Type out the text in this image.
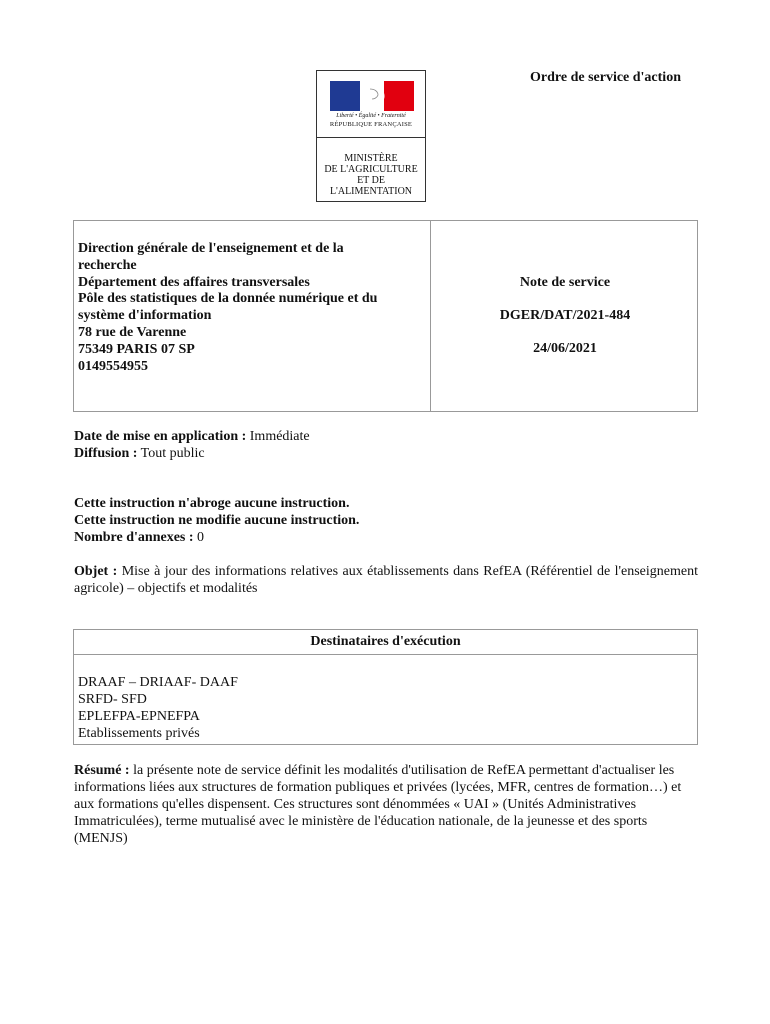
Ordre de service d'action
Liberté • Égalité • Fraternité
RÉPUBLIQUE FRANÇAISE
MINISTÈRE
DE L'AGRICULTURE
ET DE
L'ALIMENTATION
Direction générale de l'enseignement et de la
recherche
Département des affaires transversales
Pôle des statistiques de la donnée numérique et du
système d'information
78 rue de Varenne
75349 PARIS 07 SP
0149554955
Note de service
DGER/DAT/2021-484
24/06/2021
Date de mise en application : Immédiate
Diffusion : Tout public
Cette instruction n'abroge aucune instruction.
Cette instruction ne modifie aucune instruction.
Nombre d'annexes : 0
Objet : Mise à jour des informations relatives aux établissements dans RefEA (Référentiel de l'enseignement agricole) – objectifs et modalités
Destinataires d'exécution
DRAAF – DRIAAF- DAAF
SRFD- SFD
EPLEFPA-EPNEFPA
Etablissements privés
Résumé : la présente note de service définit les modalités d'utilisation de RefEA permettant d'actualiser les informations liées aux structures de formation publiques et privées (lycées, MFR, centres de formation…) et aux formations qu'elles dispensent. Ces structures sont dénommées « UAI » (Unités Administratives Immatriculées), terme mutualisé avec le ministère de l'éducation nationale, de la jeunesse et des sports (MENJS)
